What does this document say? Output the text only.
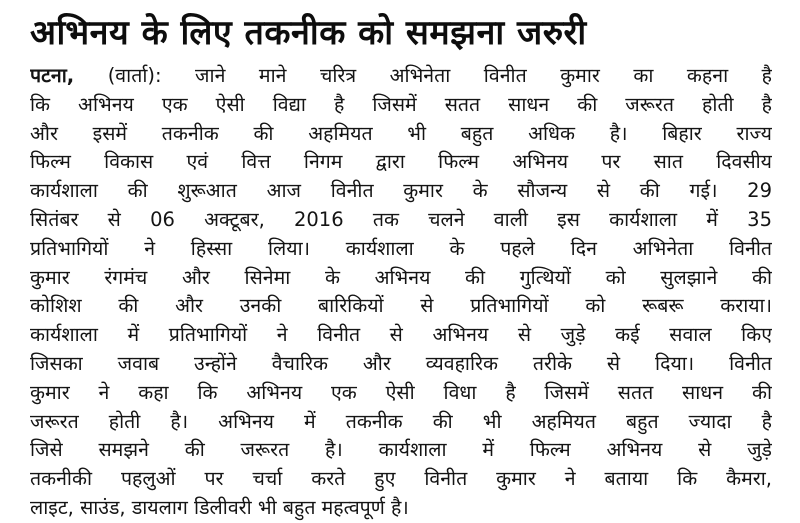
अभिनय के लिए तकनीक को समझना जरुरी
पटना, (वार्ता): जाने माने चरित्र अभिनेता विनीत कुमार का कहना है
कि अभिनय एक ऐसी विद्या है जिसमें सतत साधन की जरूरत होती है
और इसमें तकनीक की अहमियत भी बहुत अधिक है। बिहार राज्य
फिल्म विकास एवं वित्त निगम द्वारा फिल्म अभिनय पर सात दिवसीय
कार्यशाला की शुरूआत आज विनीत कुमार के सौजन्य से की गई। 29
सितंबर से 06 अक्टूबर, 2016 तक चलने वाली इस कार्यशाला में 35
प्रतिभागियों ने हिस्सा लिया। कार्यशाला के पहले दिन अभिनेता विनीत
कुमार रंगमंच और सिनेमा के अभिनय की गुत्थियों को सुलझाने की
कोशिश की और उनकी बारिकियों से प्रतिभागियों को रूबरू कराया।
कार्यशाला में प्रतिभागियों ने विनीत से अभिनय से जुड़े कई सवाल किए
जिसका जवाब उन्होंने वैचारिक और व्यवहारिक तरीके से दिया। विनीत
कुमार ने कहा कि अभिनय एक ऐसी विधा है जिसमें सतत साधन की
जरूरत होती है। अभिनय में तकनीक की भी अहमियत बहुत ज्यादा है
जिसे समझने की जरूरत है। कार्यशाला में फिल्म अभिनय से जुड़े
तकनीकी पहलुओं पर चर्चा करते हुए विनीत कुमार ने बताया कि कैमरा,
लाइट, साउंड, डायलाग डिलीवरी भी बहुत महत्वपूर्ण है।
